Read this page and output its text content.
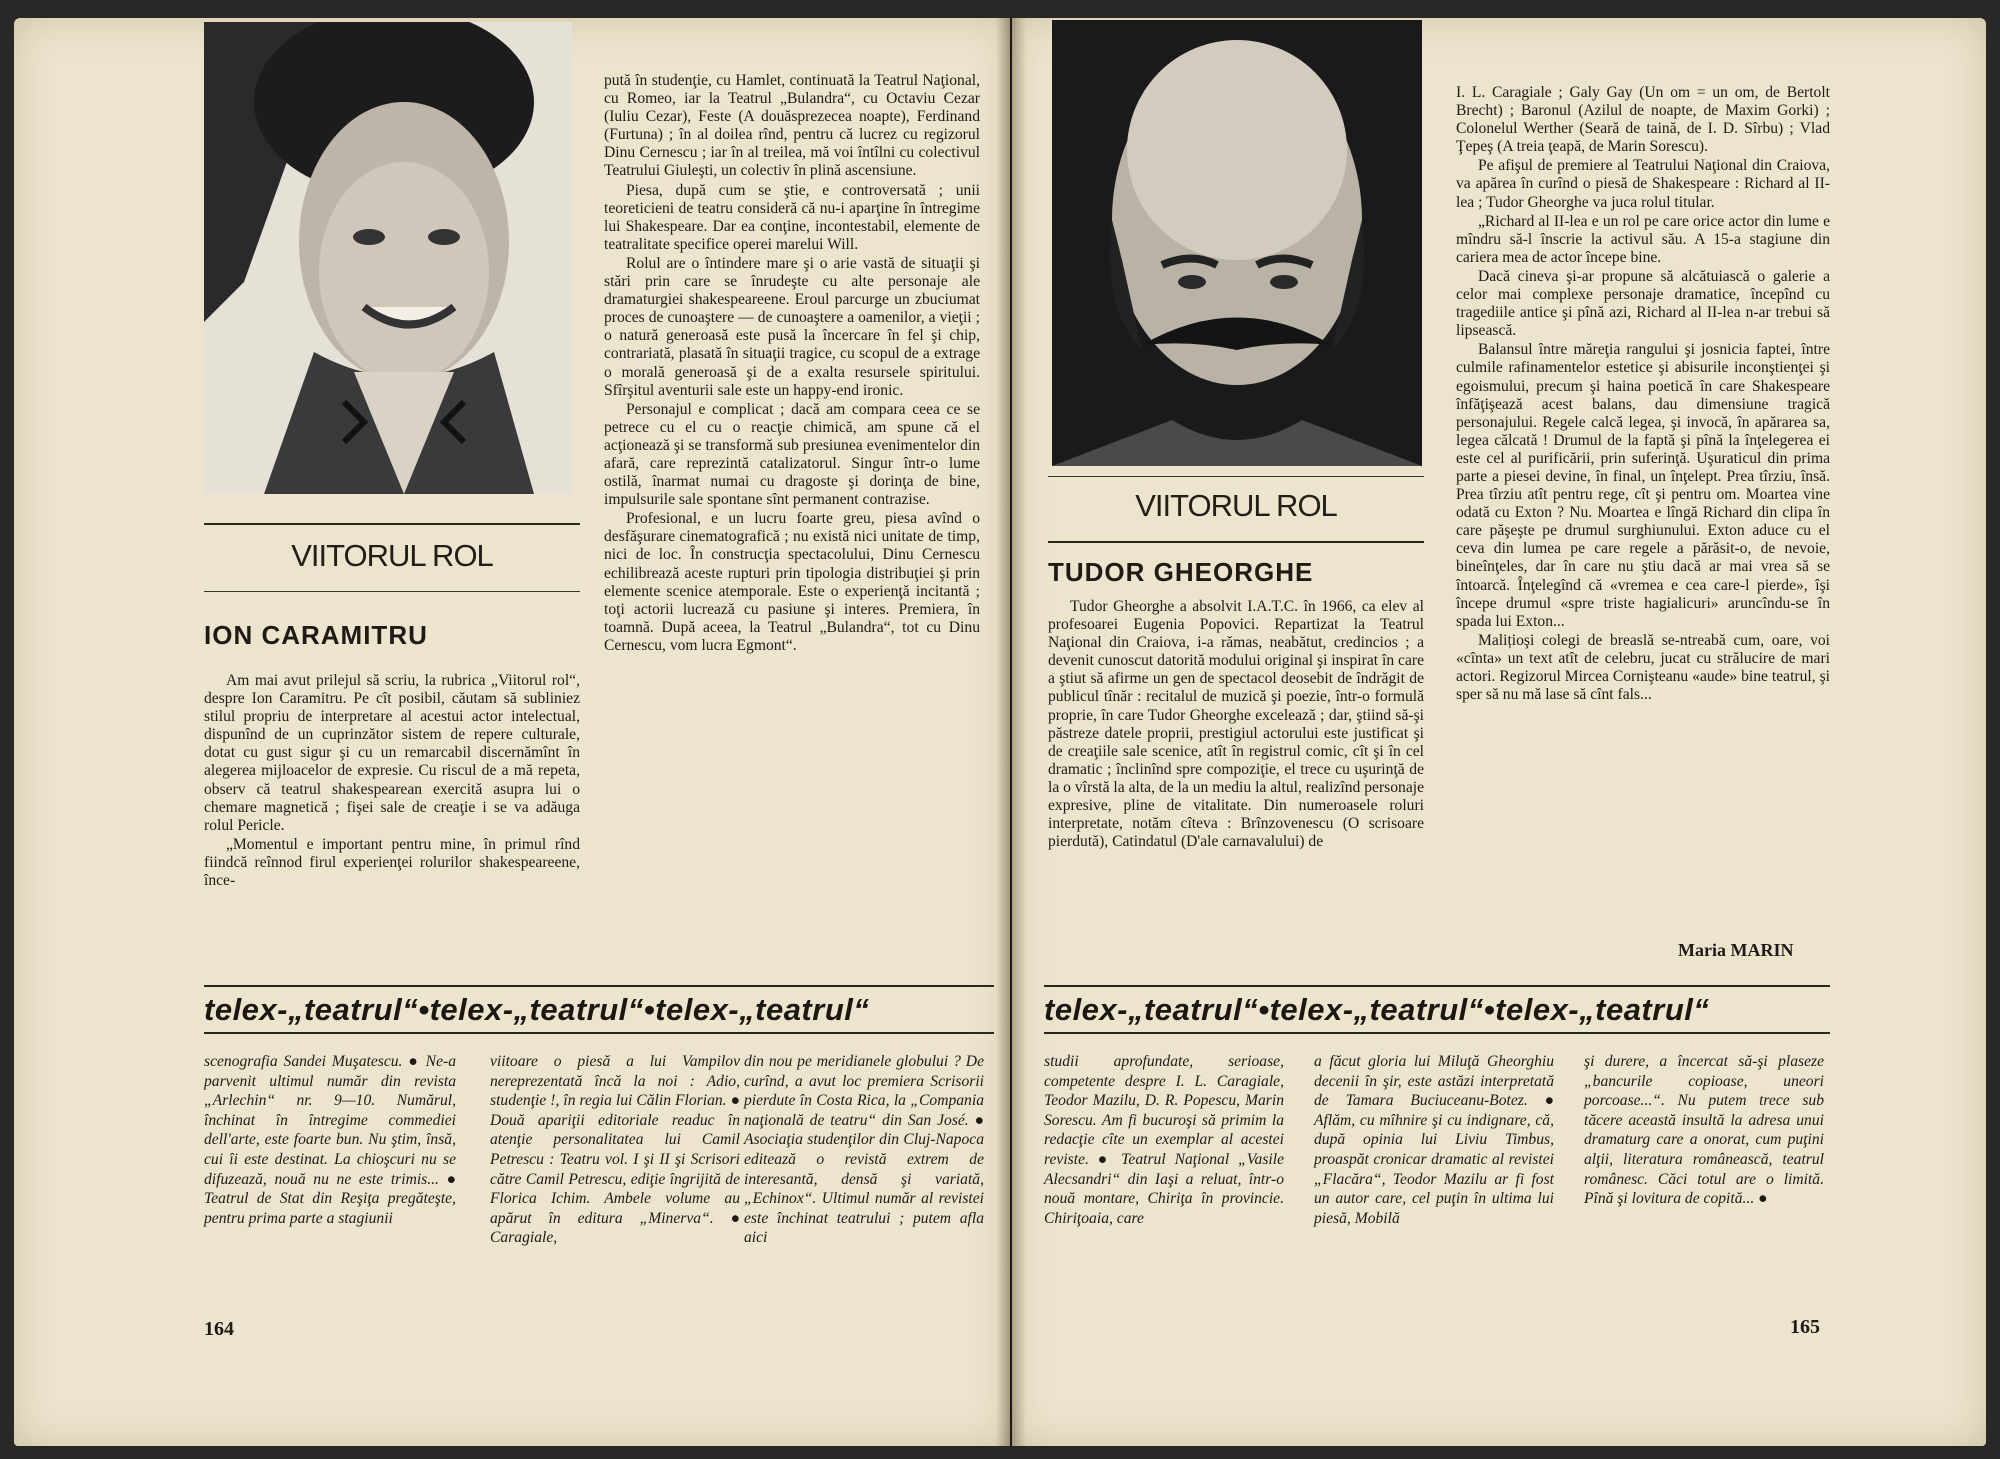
VIITORUL ROL
ION CARAMITRU

Am mai avut prilejul să scriu, la rubrica „Viitorul rol“, despre Ion Caramitru. Pe cît posibil, căutam să subliniez stilul propriu de interpretare al acestui actor intelectual, dispunînd de un cuprinzător sistem de repere culturale, dotat cu gust sigur şi cu un remarcabil discernămînt în alegerea mijloacelor de expresie. Cu riscul de a mă repeta, observ că teatrul shakespearean exercită asupra lui o chemare magnetică ; fişei sale de creaţie i se va adăuga rolul Pericle.

„Momentul e important pentru mine, în primul rînd fiindcă reînnod firul experienţei rolurilor shakespeareene, înce-

pută în studenţie, cu Hamlet, continuată la Teatrul Naţional, cu Romeo, iar la Teatrul „Bulandra“, cu Octaviu Cezar (Iuliu Cezar), Feste (A douăsprezecea noapte), Ferdinand (Furtuna) ; în al doilea rînd, pentru că lucrez cu regizorul Dinu Cernescu ; iar în al treilea, mă voi întîlni cu colectivul Teatrului Giuleşti, un colectiv în plină ascensiune.

Piesa, după cum se ştie, e controversată ; unii teoreticieni de teatru consideră că nu-i aparţine în întregime lui Shakespeare. Dar ea conţine, incontestabil, elemente de teatralitate specifice operei marelui Will.

Rolul are o întindere mare şi o arie vastă de situaţii şi stări prin care se înrudeşte cu alte personaje ale dramaturgiei shakespeareene. Eroul parcurge un zbuciumat proces de cunoaştere — de cunoaştere a oamenilor, a vieţii ; o natură generoasă este pusă la încercare în fel şi chip, contrariată, plasată în situaţii tragice, cu scopul de a extrage o morală generoasă şi de a exalta resursele spiritului. Sfîrşitul aventurii sale este un happy-end ironic.

Personajul e complicat ; dacă am compara ceea ce se petrece cu el cu o reacţie chimică, am spune că el acţionează şi se transformă sub presiunea evenimentelor din afară, care reprezintă catalizatorul. Singur într-o lume ostilă, înarmat numai cu dragoste şi dorinţa de bine, impulsurile sale spontane sînt permanent contrazise.

Profesional, e un lucru foarte greu, piesa avînd o desfăşurare cinematografică ; nu există nici unitate de timp, nici de loc. În construcţia spectacolului, Dinu Cernescu echilibrează aceste rupturi prin tipologia distribuţiei şi prin elemente scenice atemporale. Este o experienţă incitantă ; toţi actorii lucrează cu pasiune şi interes. Premiera, în toamnă. După aceea, la Teatrul „Bulandra“, tot cu Dinu Cernescu, vom lucra Egmont“.

telex-„teatrul“•telex-„teatrul“•telex-„teatrul“
scenografia Sandei Muşatescu. ● Ne-a parvenit ultimul număr din revista „Arlechin“ nr. 9—10. Numărul, închinat în întregime commediei dell'arte, este foarte bun. Nu ştim, însă, cui îi este destinat. La chioşcuri nu se difuzează, nouă nu ne este trimis... ● Teatrul de Stat din Reşiţa pregăteşte, pentru prima parte a stagiunii
viitoare o piesă a lui Vampilov nereprezentată încă la noi : Adio, studenţie !, în regia lui Călin Florian. ● Două apariţii editoriale readuc în atenţie personalitatea lui Camil Petrescu : Teatru vol. I şi II şi Scrisori către Camil Petrescu, ediţie îngrijită de Florica Ichim. Ambele volume au apărut în editura „Minerva“. ● Caragiale,
din nou pe meridianele globului ? De curînd, a avut loc premiera Scrisorii pierdute în Costa Rica, la „Compania naţională de teatru“ din San José. ● Asociaţia studenţilor din Cluj-Napoca editează o revistă extrem de interesantă, densă şi variată, „Echinox“. Ultimul număr al revistei este închinat teatrului ; putem afla aici
164
VIITORUL ROL
TUDOR GHEORGHE

Tudor Gheorghe a absolvit I.A.T.C. în 1966, ca elev al profesoarei Eugenia Popovici. Repartizat la Teatrul Naţional din Craiova, i-a rămas, neabătut, credincios ; a devenit cunoscut datorită modului original şi inspirat în care a ştiut să afirme un gen de spectacol deosebit de îndrăgit de publicul tînăr : recitalul de muzică şi poezie, într-o formulă proprie, în care Tudor Gheorghe excelează ; dar, ştiind să-şi păstreze datele proprii, prestigiul actorului este justificat şi de creaţiile sale scenice, atît în registrul comic, cît şi în cel dramatic ; înclinînd spre compoziţie, el trece cu uşurinţă de la o vîrstă la alta, de la un mediu la altul, realizînd personaje expresive, pline de vitalitate. Din numeroasele roluri interpretate, notăm cîteva : Brînzovenescu (O scrisoare pierdută), Catindatul (D'ale carnavalului) de

I. L. Caragiale ; Galy Gay (Un om = un om, de Bertolt Brecht) ; Baronul (Azilul de noapte, de Maxim Gorki) ; Colonelul Werther (Seară de taină, de I. D. Sîrbu) ; Vlad Ţepeş (A treia ţeapă, de Marin Sorescu).

Pe afişul de premiere al Teatrului Naţional din Craiova, va apărea în curînd o piesă de Shakespeare : Richard al II-lea ; Tudor Gheorghe va juca rolul titular.

„Richard al II-lea e un rol pe care orice actor din lume e mîndru să-l înscrie la activul său. A 15-a stagiune din cariera mea de actor începe bine.

Dacă cineva şi-ar propune să alcătuiască o galerie a celor mai complexe personaje dramatice, începînd cu tragediile antice şi pînă azi, Richard al II-lea n-ar trebui să lipsească.

Balansul între măreţia rangului şi josnicia faptei, între culmile rafinamentelor estetice şi abisurile inconştienţei şi egoismului, precum şi haina poetică în care Shakespeare înfăţişează acest balans, dau dimensiune tragică personajului. Regele calcă legea, şi invocă, în apărarea sa, legea călcată ! Drumul de la faptă şi pînă la înţelegerea ei este cel al purificării, prin suferinţă. Uşuraticul din prima parte a piesei devine, în final, un înţelept. Prea tîrziu, însă. Prea tîrziu atît pentru rege, cît şi pentru om. Moartea vine odată cu Exton ? Nu. Moartea e lîngă Richard din clipa în care păşeşte pe drumul surghiunului. Exton aduce cu el ceva din lumea pe care regele a părăsit-o, de nevoie, bineînţeles, dar în care nu ştiu dacă ar mai vrea să se întoarcă. Înţelegînd că «vremea e cea care-l pierde», îşi începe drumul «spre triste hagialicuri» aruncîndu-se în spada lui Exton...

Malițioşi colegi de breaslă se-ntreabă cum, oare, voi «cînta» un text atît de celebru, jucat cu strălucire de mari actori. Regizorul Mircea Cornişteanu «aude» bine teatrul, şi sper să nu mă lase să cînt fals...

Maria MARIN
telex-„teatrul“•telex-„teatrul“•telex-„teatrul“
studii aprofundate, serioase, competente despre I. L. Caragiale, Teodor Mazilu, D. R. Popescu, Marin Sorescu. Am fi bucuroşi să primim la redacţie cîte un exemplar al acestei reviste. ● Teatrul Naţional „Vasile Alecsandri“ din Iaşi a reluat, într-o nouă montare, Chiriţa în provincie. Chiriţoaia, care
a făcut gloria lui Miluţă Gheorghiu decenii în şir, este astăzi interpretată de Tamara Buciuceanu-Botez. ● Aflăm, cu mîhnire şi cu indignare, că, după opinia lui Liviu Timbus, proaspăt cronicar dramatic al revistei „Flacăra“, Teodor Mazilu ar fi fost un autor care, cel puţin în ultima lui piesă, Mobilă
şi durere, a încercat să-şi plaseze „bancurile copioase, uneori porcoase...“. Nu putem trece sub tăcere această insultă la adresa unui dramaturg care a onorat, cum puţini alţii, literatura românească, teatrul românesc. Căci totul are o limită. Pînă şi lovitura de copită... ●
165
